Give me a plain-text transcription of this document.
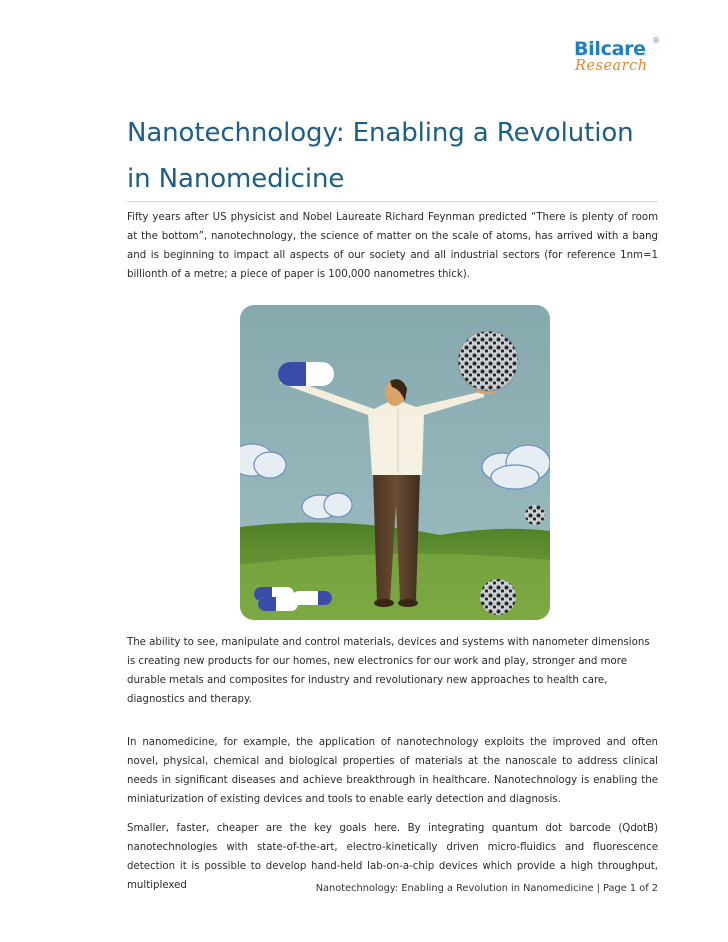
Bilcare ®
Research
Nanotechnology: Enabling a Revolution
in Nanomedicine

Fifty years after US physicist and Nobel Laureate Richard Feynman predicted “There is plenty of room at the bottom”, nanotechnology, the science of matter on the scale of atoms, has arrived with a bang and is beginning to impact all aspects of our society and all industrial sectors (for reference 1nm=1 billionth of a metre; a piece of paper is 100,000 nanometres thick).

The ability to see, manipulate and control materials, devices and systems with nanometer dimensions is creating new products for our homes, new electronics for our work and play, stronger and more durable metals and composites for industry and revolutionary new approaches to health care, diagnostics and therapy.

In nanomedicine, for example, the application of nanotechnology exploits the improved and often novel, physical, chemical and biological properties of materials at the nanoscale to address clinical needs in significant diseases and achieve breakthrough in healthcare. Nanotechnology is enabling the miniaturization of existing devices and tools to enable early detection and diagnosis.

Smaller, faster, cheaper are the key goals here. By integrating quantum dot barcode (QdotB) nanotechnologies with state-of-the-art, electro-kinetically driven micro-fluidics and fluorescence detection it is possible to develop hand-held lab-on-a-chip devices which provide a high throughput, multiplexed	Nanotechnology: Enabling a Revolution in Nanomedicine | Page 1 of 2
